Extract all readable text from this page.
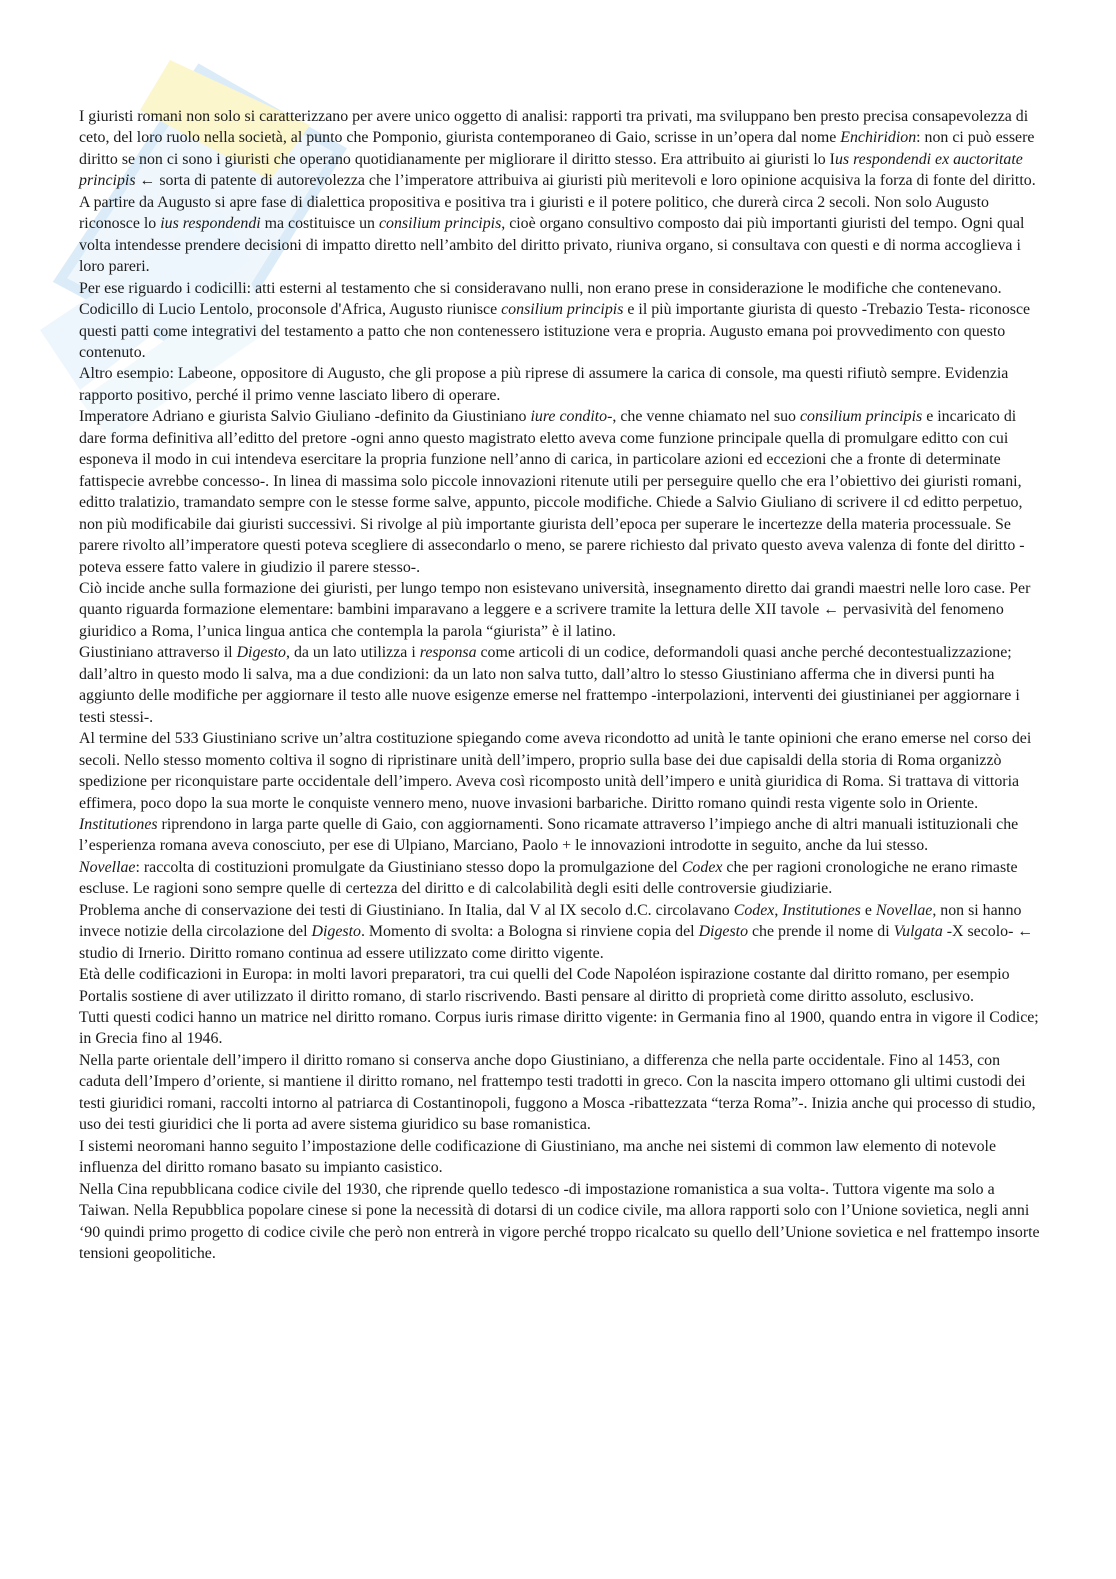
I giuristi romani non solo si caratterizzano per avere unico oggetto di analisi: rapporti tra privati, ma sviluppano ben presto precisa consapevolezza di ceto, del loro ruolo nella società, al punto che Pomponio, giurista contemporaneo di Gaio, scrisse in un’opera dal nome Enchiridion: non ci può essere diritto se non ci sono i giuristi che operano quotidianamente per migliorare il diritto stesso. Era attribuito ai giuristi lo Ius respondendi ex auctoritate principis ← sorta di patente di autorevolezza che l’imperatore attribuiva ai giuristi più meritevoli e loro opinione acquisiva la forza di fonte del diritto.

A partire da Augusto si apre fase di dialettica propositiva e positiva tra i giuristi e il potere politico, che durerà circa 2 secoli. Non solo Augusto riconosce lo ius respondendi ma costituisce un consilium principis, cioè organo consultivo composto dai più importanti giuristi del tempo. Ogni qual volta intendesse prendere decisioni di impatto diretto nell’ambito del diritto privato, riuniva organo, si consultava con questi e di norma accoglieva i loro pareri.

Per ese riguardo i codicilli: atti esterni al testamento che si consideravano nulli, non erano prese in considerazione le modifiche che contenevano. Codicillo di Lucio Lentolo, proconsole d'Africa, Augusto riunisce consilium principis e il più importante giurista di questo -Trebazio Testa- riconosce questi patti come integrativi del testamento a patto che non contenessero istituzione vera e propria. Augusto emana poi provvedimento con questo contenuto.

Altro esempio: Labeone, oppositore di Augusto, che gli propose a più riprese di assumere la carica di console, ma questi rifiutò sempre. Evidenzia rapporto positivo, perché il primo venne lasciato libero di operare.

Imperatore Adriano e giurista Salvio Giuliano -definito da Giustiniano iure condito-, che venne chiamato nel suo consilium principis e incaricato di dare forma definitiva all’editto del pretore -ogni anno questo magistrato eletto aveva come funzione principale quella di promulgare editto con cui esponeva il modo in cui intendeva esercitare la propria funzione nell’anno di carica, in particolare azioni ed eccezioni che a fronte di determinate fattispecie avrebbe concesso-. In linea di massima solo piccole innovazioni ritenute utili per perseguire quello che era l’obiettivo dei giuristi romani, editto tralatizio, tramandato sempre con le stesse forme salve, appunto, piccole modifiche. Chiede a Salvio Giuliano di scrivere il cd editto perpetuo, non più modificabile dai giuristi successivi. Si rivolge al più importante giurista dell’epoca per superare le incertezze della materia processuale. Se parere rivolto all’imperatore questi poteva scegliere di assecondarlo o meno, se parere richiesto dal privato questo aveva valenza di fonte del diritto -poteva essere fatto valere in giudizio il parere stesso-.

Ciò incide anche sulla formazione dei giuristi, per lungo tempo non esistevano università, insegnamento diretto dai grandi maestri nelle loro case. Per quanto riguarda formazione elementare: bambini imparavano a leggere e a scrivere tramite la lettura delle XII tavole ← pervasività del fenomeno giuridico a Roma, l’unica lingua antica che contempla la parola “giurista” è il latino.

Giustiniano attraverso il Digesto, da un lato utilizza i responsa come articoli di un codice, deformandoli quasi anche perché decontestualizzazione; dall’altro in questo modo li salva, ma a due condizioni: da un lato non salva tutto, dall’altro lo stesso Giustiniano afferma che in diversi punti ha aggiunto delle modifiche per aggiornare il testo alle nuove esigenze emerse nel frattempo -interpolazioni, interventi dei giustinianei per aggiornare i testi stessi-.

Al termine del 533 Giustiniano scrive un’altra costituzione spiegando come aveva ricondotto ad unità le tante opinioni che erano emerse nel corso dei secoli. Nello stesso momento coltiva il sogno di ripristinare unità dell’impero, proprio sulla base dei due capisaldi della storia di Roma organizzò spedizione per riconquistare parte occidentale dell’impero. Aveva così ricomposto unità dell’impero e unità giuridica di Roma. Si trattava di vittoria effimera, poco dopo la sua morte le conquiste vennero meno, nuove invasioni barbariche. Diritto romano quindi resta vigente solo in Oriente.

Institutiones riprendono in larga parte quelle di Gaio, con aggiornamenti. Sono ricamate attraverso l’impiego anche di altri manuali istituzionali che l’esperienza romana aveva conosciuto, per ese di Ulpiano, Marciano, Paolo + le innovazioni introdotte in seguito, anche da lui stesso.

Novellae: raccolta di costituzioni promulgate da Giustiniano stesso dopo la promulgazione del Codex che per ragioni cronologiche ne erano rimaste escluse. Le ragioni sono sempre quelle di certezza del diritto e di calcolabilità degli esiti delle controversie giudiziarie.

Problema anche di conservazione dei testi di Giustiniano. In Italia, dal V al IX secolo d.C. circolavano Codex, Institutiones e Novellae, non si hanno invece notizie della circolazione del Digesto. Momento di svolta: a Bologna si rinviene copia del Digesto che prende il nome di Vulgata -X secolo- ← studio di Irnerio. Diritto romano continua ad essere utilizzato come diritto vigente.

Età delle codificazioni in Europa: in molti lavori preparatori, tra cui quelli del Code Napoléon ispirazione costante dal diritto romano, per esempio Portalis sostiene di aver utilizzato il diritto romano, di starlo riscrivendo. Basti pensare al diritto di proprietà come diritto assoluto, esclusivo.

Tutti questi codici hanno un matrice nel diritto romano. Corpus iuris rimase diritto vigente: in Germania fino al 1900, quando entra in vigore il Codice; in Grecia fino al 1946.

Nella parte orientale dell’impero il diritto romano si conserva anche dopo Giustiniano, a differenza che nella parte occidentale. Fino al 1453, con caduta dell’Impero d’oriente, si mantiene il diritto romano, nel frattempo testi tradotti in greco. Con la nascita impero ottomano gli ultimi custodi dei testi giuridici romani, raccolti intorno al patriarca di Costantinopoli, fuggono a Mosca -ribattezzata “terza Roma”-. Inizia anche qui processo di studio, uso dei testi giuridici che li porta ad avere sistema giuridico su base romanistica.

I sistemi neoromani hanno seguito l’impostazione delle codificazione di Giustiniano, ma anche nei sistemi di common law elemento di notevole influenza del diritto romano basato su impianto casistico.

Nella Cina repubblicana codice civile del 1930, che riprende quello tedesco -di impostazione romanistica a sua volta-. Tuttora vigente ma solo a Taiwan. Nella Repubblica popolare cinese si pone la necessità di dotarsi di un codice civile, ma allora rapporti solo con l’Unione sovietica, negli anni ‘90 quindi primo progetto di codice civile che però non entrerà in vigore perché troppo ricalcato su quello dell’Unione sovietica e nel frattempo insorte tensioni geopolitiche.
